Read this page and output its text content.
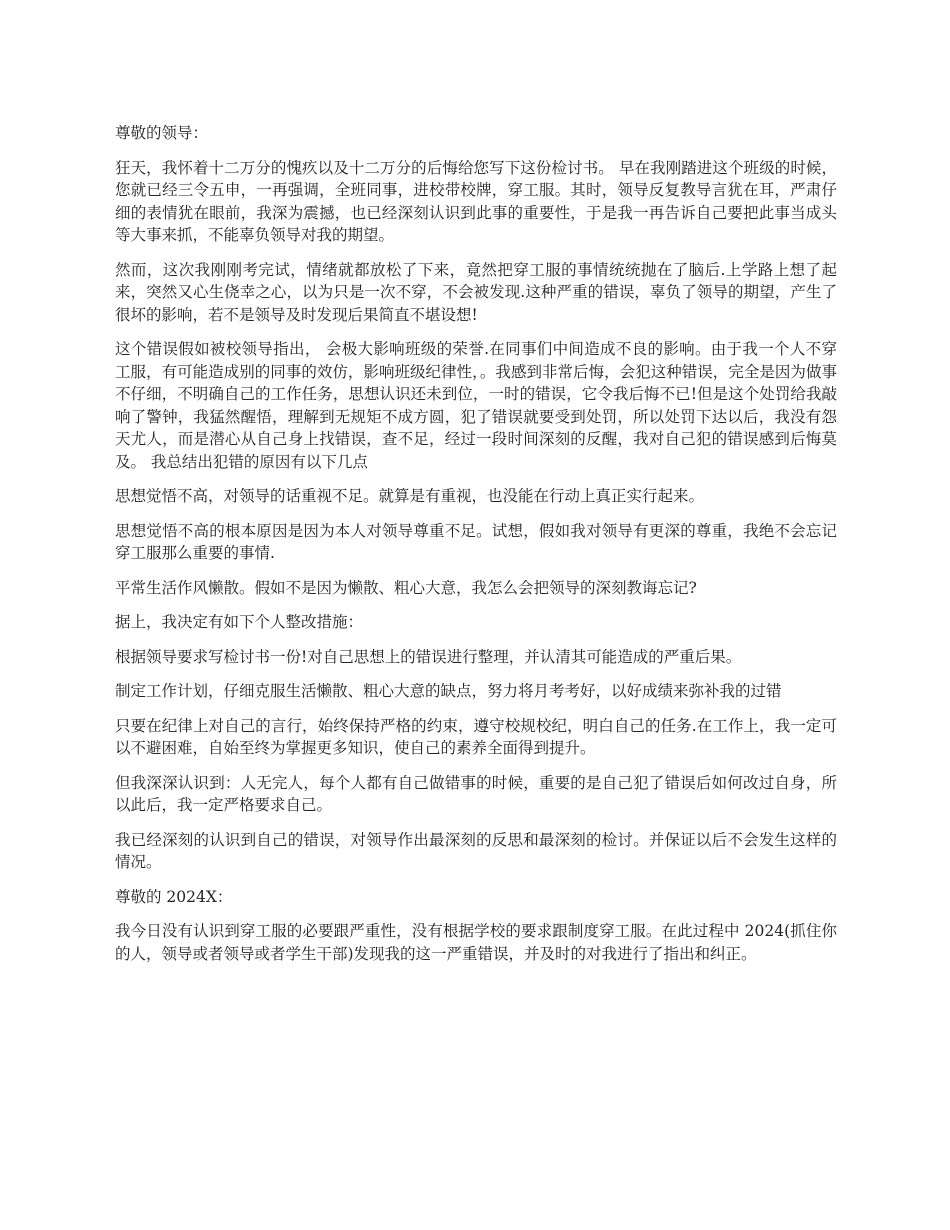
尊敬的领导：

狂天，我怀着十二万分的愧疚以及十二万分的后悔给您写下这份检讨书。 早在我刚踏进这个班级的时候，您就已经三令五申，一再强调，全班同事，进校带校牌，穿工服。其时，领导反复教导言犹在耳，严肃仔细的表情犹在眼前，我深为震撼，也已经深刻认识到此事的重要性，于是我一再告诉自己要把此事当成头等大事来抓，不能辜负领导对我的期望。

然而，这次我刚刚考完试，情绪就都放松了下来，竟然把穿工服的事情统统抛在了脑后.上学路上想了起来，突然又心生侥幸之心，以为只是一次不穿，不会被发现.这种严重的错误，辜负了领导的期望，产生了很坏的影响，若不是领导及时发现后果简直不堪设想!

这个错误假如被校领导指出， 会极大影响班级的荣誉.在同事们中间造成不良的影响。由于我一个人不穿工服，有可能造成别的同事的效仿，影响班级纪律性，。我感到非常后悔，会犯这种错误，完全是因为做事不仔细，不明确自己的工作任务，思想认识还未到位，一时的错误，它令我后悔不已!但是这个处罚给我敲响了警钟，我猛然醒悟，理解到无规矩不成方圆，犯了错误就要受到处罚，所以处罚下达以后，我没有怨天尤人，而是潜心从自己身上找错误，查不足，经过一段时间深刻的反醒，我对自己犯的错误感到后悔莫及。 我总结出犯错的原因有以下几点

思想觉悟不高，对领导的话重视不足。就算是有重视，也没能在行动上真正实行起来。

思想觉悟不高的根本原因是因为本人对领导尊重不足。试想，假如我对领导有更深的尊重，我绝不会忘记穿工服那么重要的事情.

平常生活作风懒散。假如不是因为懒散、粗心大意，我怎么会把领导的深刻教诲忘记?

据上，我决定有如下个人整改措施：

根据领导要求写检讨书一份!对自己思想上的错误进行整理，并认清其可能造成的严重后果。

制定工作计划，仔细克服生活懒散、粗心大意的缺点，努力将月考考好，以好成绩来弥补我的过错

只要在纪律上对自己的言行，始终保持严格的约束，遵守校规校纪，明白自己的任务.在工作上，我一定可以不避困难，自始至终为掌握更多知识，使自己的素养全面得到提升。

但我深深认识到：人无完人，每个人都有自己做错事的时候，重要的是自己犯了错误后如何改过自身，所以此后，我一定严格要求自己。

我已经深刻的认识到自己的错误，对领导作出最深刻的反思和最深刻的检讨。并保证以后不会发生这样的情况。

尊敬的 2024X：

我今日没有认识到穿工服的必要跟严重性，没有根据学校的要求跟制度穿工服。在此过程中 2024(抓住你的人，领导或者领导或者学生干部)发现我的这一严重错误，并及时的对我进行了指出和纠正。
